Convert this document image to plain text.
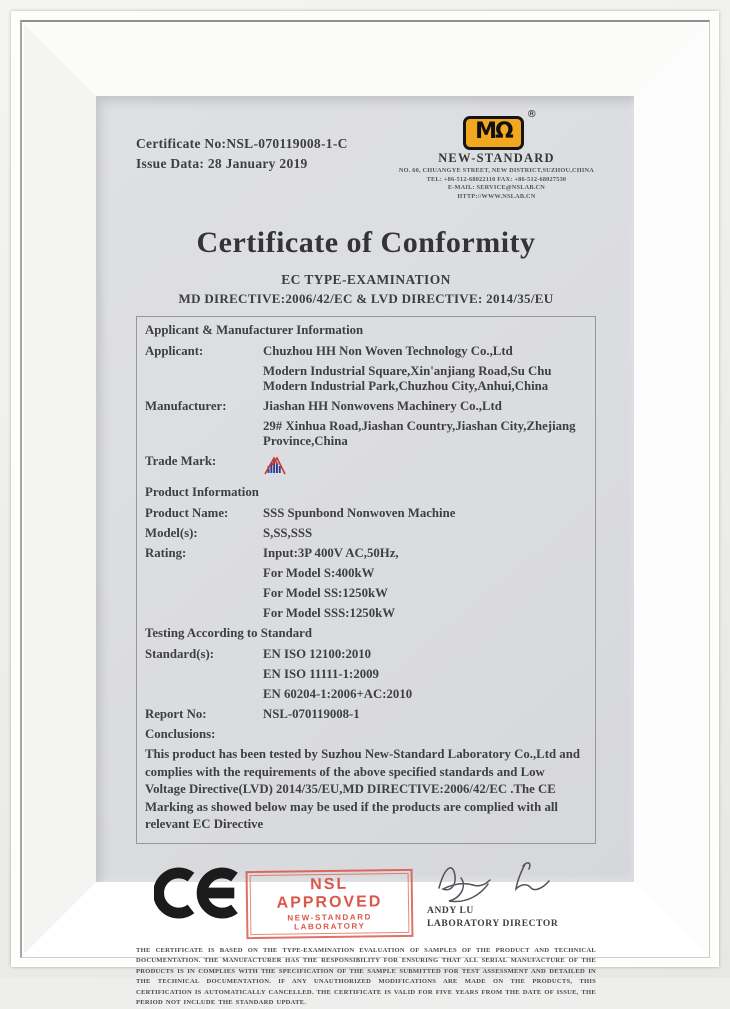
Certificate No:NSL-070119008-1-C
Issue Data: 28 January 2019
MΩ
®
NEW-STANDARD
NO. 60, CHUANGYE STREET, NEW DISTRICT,SUZHOU,CHINA
TEL: +86-512-68022110 FAX: +86-512-68027530
E-MAIL: SERVICE@NSLAB.CN
HTTP://WWW.NSLAB.CN
Certificate of Conformity
EC TYPE-EXAMINATION
MD DIRECTIVE:2006/42/EC & LVD DIRECTIVE: 2014/35/EU
Applicant & Manufacturer Information
Applicant:	Chuzhou HH Non Woven Technology Co.,Ltd
Modern Industrial Square,Xin'anjiang Road,Su Chu Modern Industrial Park,Chuzhou City,Anhui,China
Manufacturer:	Jiashan HH Nonwovens Machinery Co.,Ltd
29# Xinhua Road,Jiashan Country,Jiashan City,Zhejiang Province,China
Trade Mark:
Product Information
Product Name:	SSS Spunbond Nonwoven Machine
Model(s):	S,SS,SSS
Rating:	Input:3P 400V AC,50Hz,
For Model S:400kW
For Model SS:1250kW
For Model SSS:1250kW
Testing According to Standard
Standard(s):	EN ISO 12100:2010
EN ISO 11111-1:2009
EN 60204-1:2006+AC:2010
Report No:	NSL-070119008-1
Conclusions:
This product has been tested by Suzhou New-Standard Laboratory Co.,Ltd and complies with the requirements of the above specified standards and Low Voltage Directive(LVD) 2014/35/EU,MD DIRECTIVE:2006/42/EC .The CE Marking as showed below may be used if the products are complied with all relevant EC Directive
NSL APPROVED
NEW-STANDARD LABORATORY
ANDY LU
LABORATORY DIRECTOR
THE CERTIFICATE IS BASED ON THE TYPE-EXAMINATION EVALUATION OF SAMPLES OF THE PRODUCT AND TECHNICAL DOCUMENTATION. THE MANUFACTURER HAS THE RESPONSIBILITY FOR ENSURING THAT ALL SERIAL MANUFACTURE OF THE PRODUCTS IS IN COMPLIES WITH THE SPECIFICATION OF THE SAMPLE SUBMITTED FOR TEST ASSESSMENT AND DETAILED IN THE TECHNICAL DOCUMENTATION. IF ANY UNAUTHORIZED MODIFICATIONS ARE MADE ON THE PRODUCTS, THIS CERTIFICATION IS AUTOMATICALLY CANCELLED. THE CERTIFICATE IS VALID FOR FIVE YEARS FROM THE DATE OF ISSUE, THE PERIOD NOT INCLUDE THE STANDARD UPDATE.
